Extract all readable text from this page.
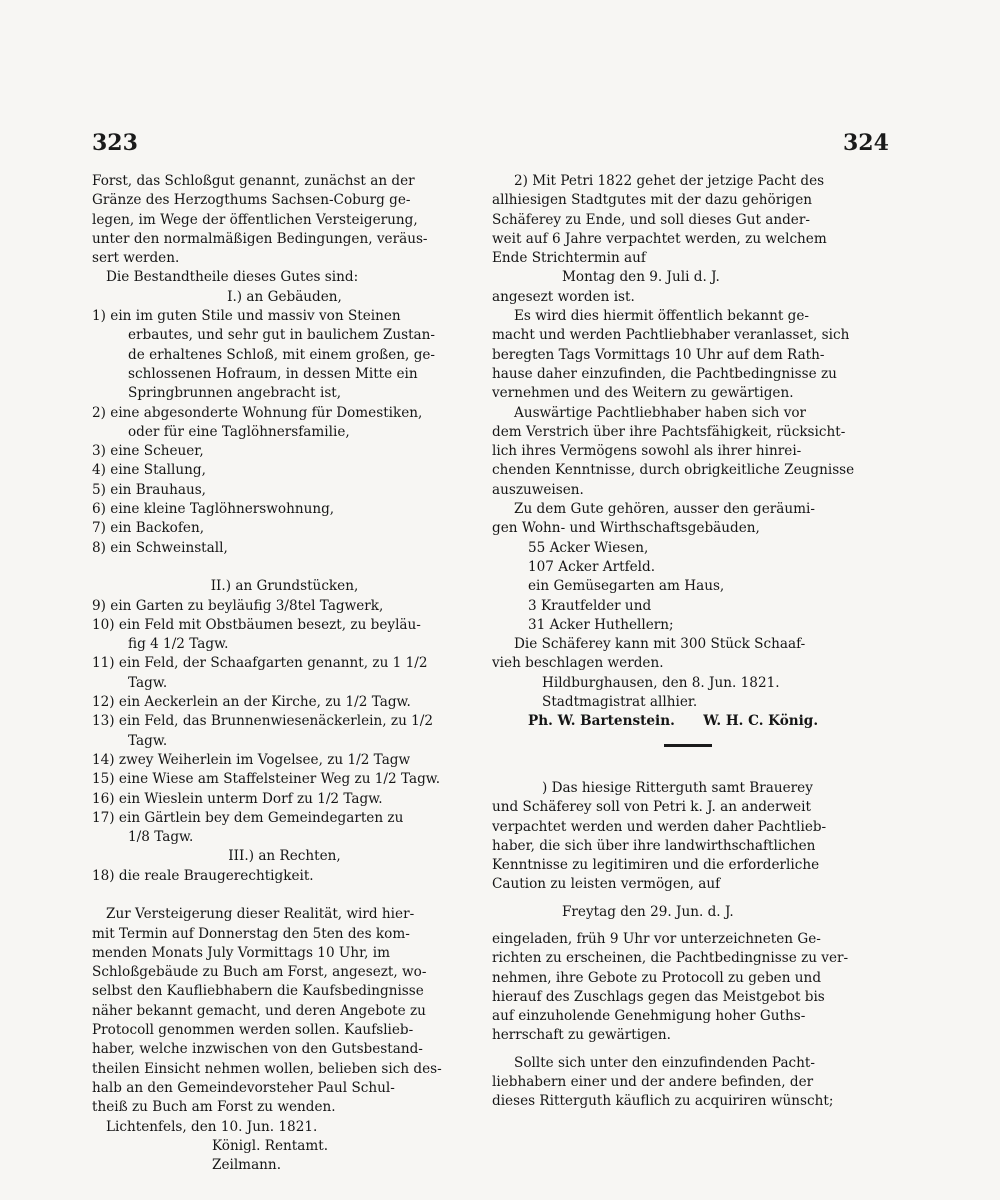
323	324
Forst, das Schloßgut genannt, zunächst an der
Gränze des Herzogthums Sachsen-Coburg ge-
legen, im Wege der öffentlichen Versteigerung,
unter den normalmäßigen Bedingungen, veräus-
sert werden.
Die Bestandtheile dieses Gutes sind:
I.) an Gebäuden,
1) ein im guten Stile und massiv von Steinen
erbautes, und sehr gut in baulichem Zustan-
de erhaltenes Schloß, mit einem großen, ge-
schlossenen Hofraum, in dessen Mitte ein
Springbrunnen angebracht ist,
2) eine abgesonderte Wohnung für Domestiken,
oder für eine Taglöhnersfamilie,
3) eine Scheuer,
4) eine Stallung,
5) ein Brauhaus,
6) eine kleine Taglöhnerswohnung,
7) ein Backofen,
8) ein Schweinstall,
II.) an Grundstücken,
9) ein Garten zu beyläufig 3/8tel Tagwerk,
10) ein Feld mit Obstbäumen besezt, zu beyläu-
fig 4 1/2 Tagw.
11) ein Feld, der Schaafgarten genannt, zu 1 1/2
Tagw.
12) ein Aeckerlein an der Kirche, zu 1/2 Tagw.
13) ein Feld, das Brunnenwiesenäckerlein, zu 1/2
Tagw.
14) zwey Weiherlein im Vogelsee, zu 1/2 Tagw
15) eine Wiese am Staffelsteiner Weg zu 1/2 Tagw.
16) ein Wieslein unterm Dorf zu 1/2 Tagw.
17) ein Gärtlein bey dem Gemeindegarten zu
1/8 Tagw.
III.) an Rechten,
18) die reale Braugerechtigkeit.
Zur Versteigerung dieser Realität, wird hier-
mit Termin auf Donnerstag den 5ten des kom-
menden Monats July Vormittags 10 Uhr, im
Schloßgebäude zu Buch am Forst, angesezt, wo-
selbst den Kaufliebhabern die Kaufsbedingnisse
näher bekannt gemacht, und deren Angebote zu
Protocoll genommen werden sollen. Kaufslieb-
haber, welche inzwischen von den Gutsbestand-
theilen Einsicht nehmen wollen, belieben sich des-
halb an den Gemeindevorsteher Paul Schul-
theiß zu Buch am Forst zu wenden.
Lichtenfels, den 10. Jun. 1821.
Königl. Rentamt.
Zeilmann.
2) Mit Petri 1822 gehet der jetzige Pacht des
allhiesigen Stadtgutes mit der dazu gehörigen
Schäferey zu Ende, und soll dieses Gut ander-
weit auf 6 Jahre verpachtet werden, zu welchem
Ende Strichtermin auf
Montag den 9. Juli d. J.
angesezt worden ist.
Es wird dies hiermit öffentlich bekannt ge-
macht und werden Pachtliebhaber veranlasset, sich
beregten Tags Vormittags 10 Uhr auf dem Rath-
hause daher einzufinden, die Pachtbedingnisse zu
vernehmen und des Weitern zu gewärtigen.
Auswärtige Pachtliebhaber haben sich vor
dem Verstrich über ihre Pachtsfähigkeit, rücksicht-
lich ihres Vermögens sowohl als ihrer hinrei-
chenden Kenntnisse, durch obrigkeitliche Zeugnisse
auszuweisen.
Zu dem Gute gehören, ausser den geräumi-
gen Wohn- und Wirthschaftsgebäuden,
55 Acker Wiesen,
107 Acker Artfeld.
ein Gemüsegarten am Haus,
3 Krautfelder und
31 Acker Huthellern;
Die Schäferey kann mit 300 Stück Schaaf-
vieh beschlagen werden.
Hildburghausen, den 8. Jun. 1821.
Stadtmagistrat allhier.
Ph. W. Bartenstein.      W. H. C. König.
) Das hiesige Ritterguth samt Brauerey
und Schäferey soll von Petri k. J. an anderweit
verpachtet werden und werden daher Pachtlieb-
haber, die sich über ihre landwirthschaftlichen
Kenntnisse zu legitimiren und die erforderliche
Caution zu leisten vermögen, auf
Freytag den 29. Jun. d. J.
eingeladen, früh 9 Uhr vor unterzeichneten Ge-
richten zu erscheinen, die Pachtbedingnisse zu ver-
nehmen, ihre Gebote zu Protocoll zu geben und
hierauf des Zuschlags gegen das Meistgebot bis
auf einzuholende Genehmigung hoher Guths-
herrschaft zu gewärtigen.
Sollte sich unter den einzufindenden Pacht-
liebhabern einer und der andere befinden, der
dieses Ritterguth käuflich zu acquiriren wünscht;
